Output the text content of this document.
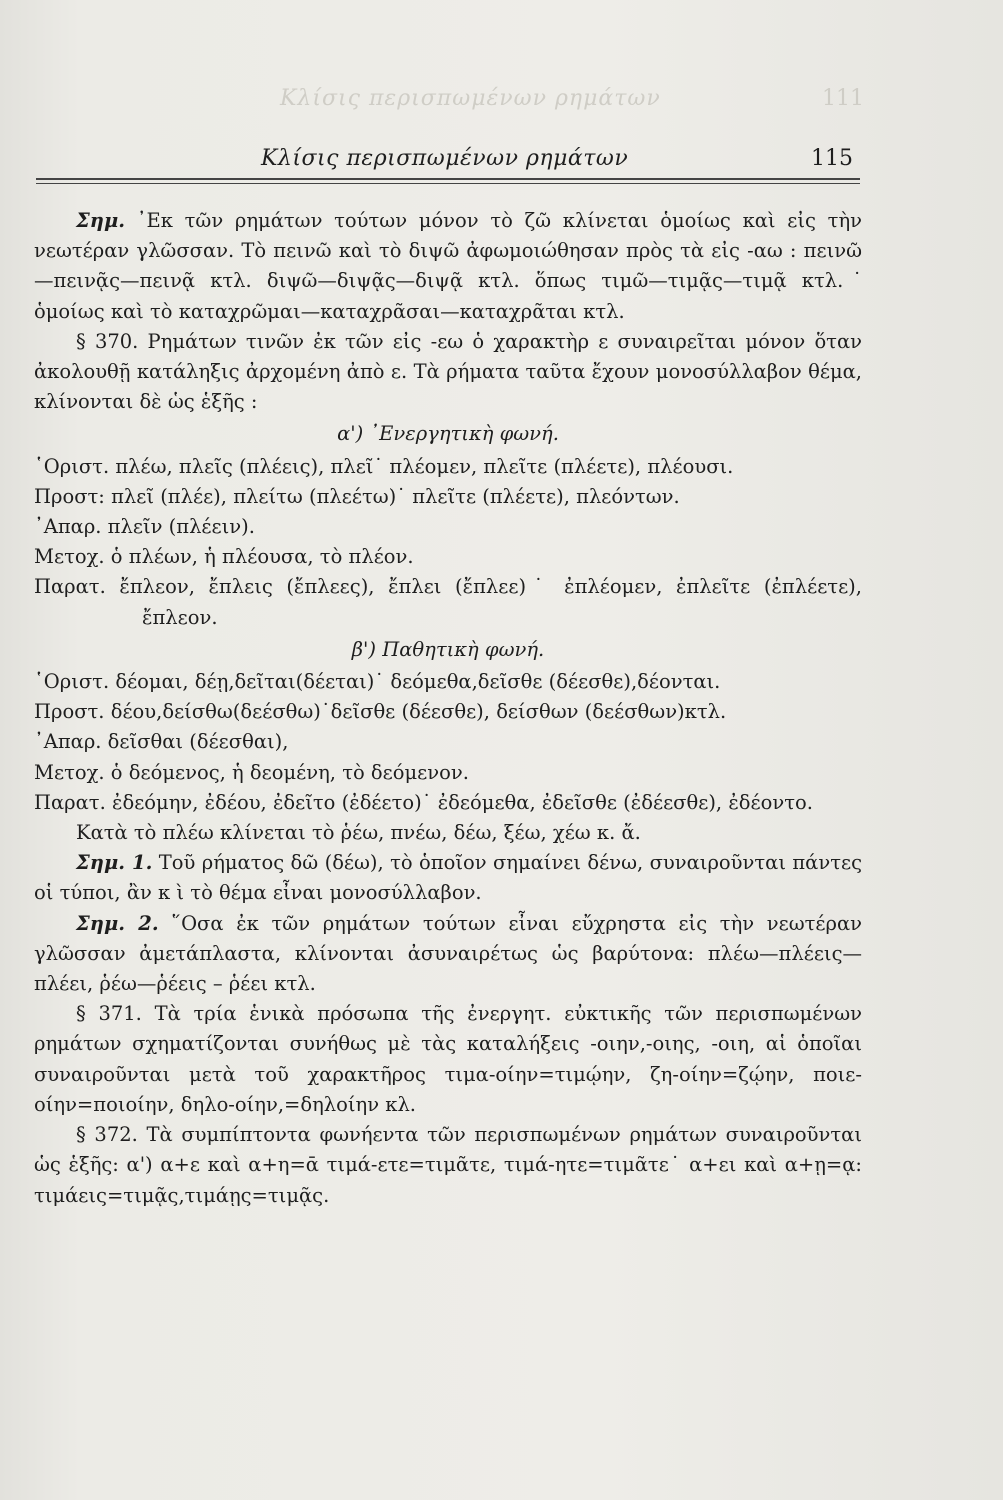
Κλίσις περισπωμένων ρημάτων	111
Κλίσις περισπωμένων ρημάτων	115

Σημ. ᾿Εκ τῶν ρημάτων τούτων μόνον τὸ ζῶ κλίνεται ὁμοίως καὶ εἰς τὴν νεωτέραν γλῶσσαν. Τὸ πεινῶ καὶ τὸ διψῶ ἀφωμοιώθησαν πρὸς τὰ εἰς -αω : πεινῶ—πεινᾷς—πεινᾷ κτλ. διψῶ—διψᾷς—διψᾷ κτλ. ὅπως τιμῶ—τιμᾷς—τιμᾷ κτλ.˙ ὁμοίως καὶ τὸ καταχρῶμαι—καταχρᾶσαι—καταχρᾶται κτλ.

§ 370. Ρημάτων τινῶν ἐκ τῶν εἰς -εω ὁ χαρακτὴρ ε συναιρεῖται μόνον ὅταν ἀκολουθῇ κατάληξις ἀρχομένη ἀπὸ ε. Τὰ ρήματα ταῦτα ἔχουν μονοσύλλαβον θέμα, κλίνονται δὲ ὡς ἑξῆς :

α') ᾿Ενεργητικὴ φωνή.

῾Οριστ. πλέω, πλεῖς (πλέεις), πλεῖ˙ πλέομεν, πλεῖτε (πλέετε), πλέουσι.

Προστ: πλεῖ (πλέε), πλείτω (πλεέτω)˙ πλεῖτε (πλέετε), πλεόντων.

᾿Απαρ. πλεῖν (πλέειν).

Μετοχ. ὁ πλέων, ἡ πλέουσα, τὸ πλέον.

Παρατ. ἔπλεον, ἔπλεις (ἔπλεες), ἔπλει (ἔπλεε)˙ ἐπλέομεν, ἐπλεῖτε (ἐπλέετε), ἔπλεον.

β') Παθητικὴ φωνή.

῾Οριστ. δέομαι, δέῃ,δεῖται(δέεται)˙ δεόμεθα,δεῖσθε (δέεσθε),δέονται.

Προστ. δέου,δείσθω(δεέσθω)˙δεῖσθε (δέεσθε), δείσθων (δεέσθων)κτλ.

᾿Απαρ. δεῖσθαι (δέεσθαι),

Μετοχ. ὁ δεόμενος, ἡ δεομένη, τὸ δεόμενον.

Παρατ. ἐδεόμην, ἐδέου, ἐδεῖτο (ἐδέετο)˙ ἐδεόμεθα, ἐδεῖσθε (ἐδέεσθε), ἐδέοντο.

Κατὰ τὸ πλέω κλίνεται τὸ ῥέω, πνέω, δέω, ξέω, χέω κ. ἄ.

Σημ. 1. Τοῦ ρήματος δῶ (δέω), τὸ ὁποῖον σημαίνει δένω, συναιροῦνται πάντες οἱ τύποι, ἂν κ ὶ τὸ θέμα εἶναι μονοσύλλαβον.

Σημ. 2. ῞Οσα ἐκ τῶν ρημάτων τούτων εἶναι εὔχρηστα εἰς τὴν νεωτέραν γλῶσσαν ἀμετάπλαστα, κλίνονται ἀσυναιρέτως ὡς βαρύτονα: πλέω—πλέεις—πλέει, ῥέω—ῥέεις – ῥέει κτλ.

§ 371. Τὰ τρία ἑνικὰ πρόσωπα τῆς ἐνεργητ. εὐκτικῆς τῶν περισπωμένων ρημάτων σχηματίζονται συνήθως μὲ τὰς καταλήξεις -οιην,-οιης, -οιη, αἱ ὁποῖαι συναιροῦνται μετὰ τοῦ χαρακτῆρος τιμα-οίην=τιμῴην, ζη-οίην=ζῴην, ποιε-οίην=ποιοίην, δηλο-οίην,=δηλοίην κλ.

§ 372. Τὰ συμπίπτοντα φωνήεντα τῶν περισπωμένων ρημάτων συναιροῦνται ὡς ἑξῆς: α') α+ε καὶ α+η=ᾱ τιμά-ετε=τιμᾶτε, τιμά-ητε=τιμᾶτε˙ α+ει καὶ α+ῃ=ᾳ: τιμάεις=τιμᾷς,τιμάῃς=τιμᾷς.
